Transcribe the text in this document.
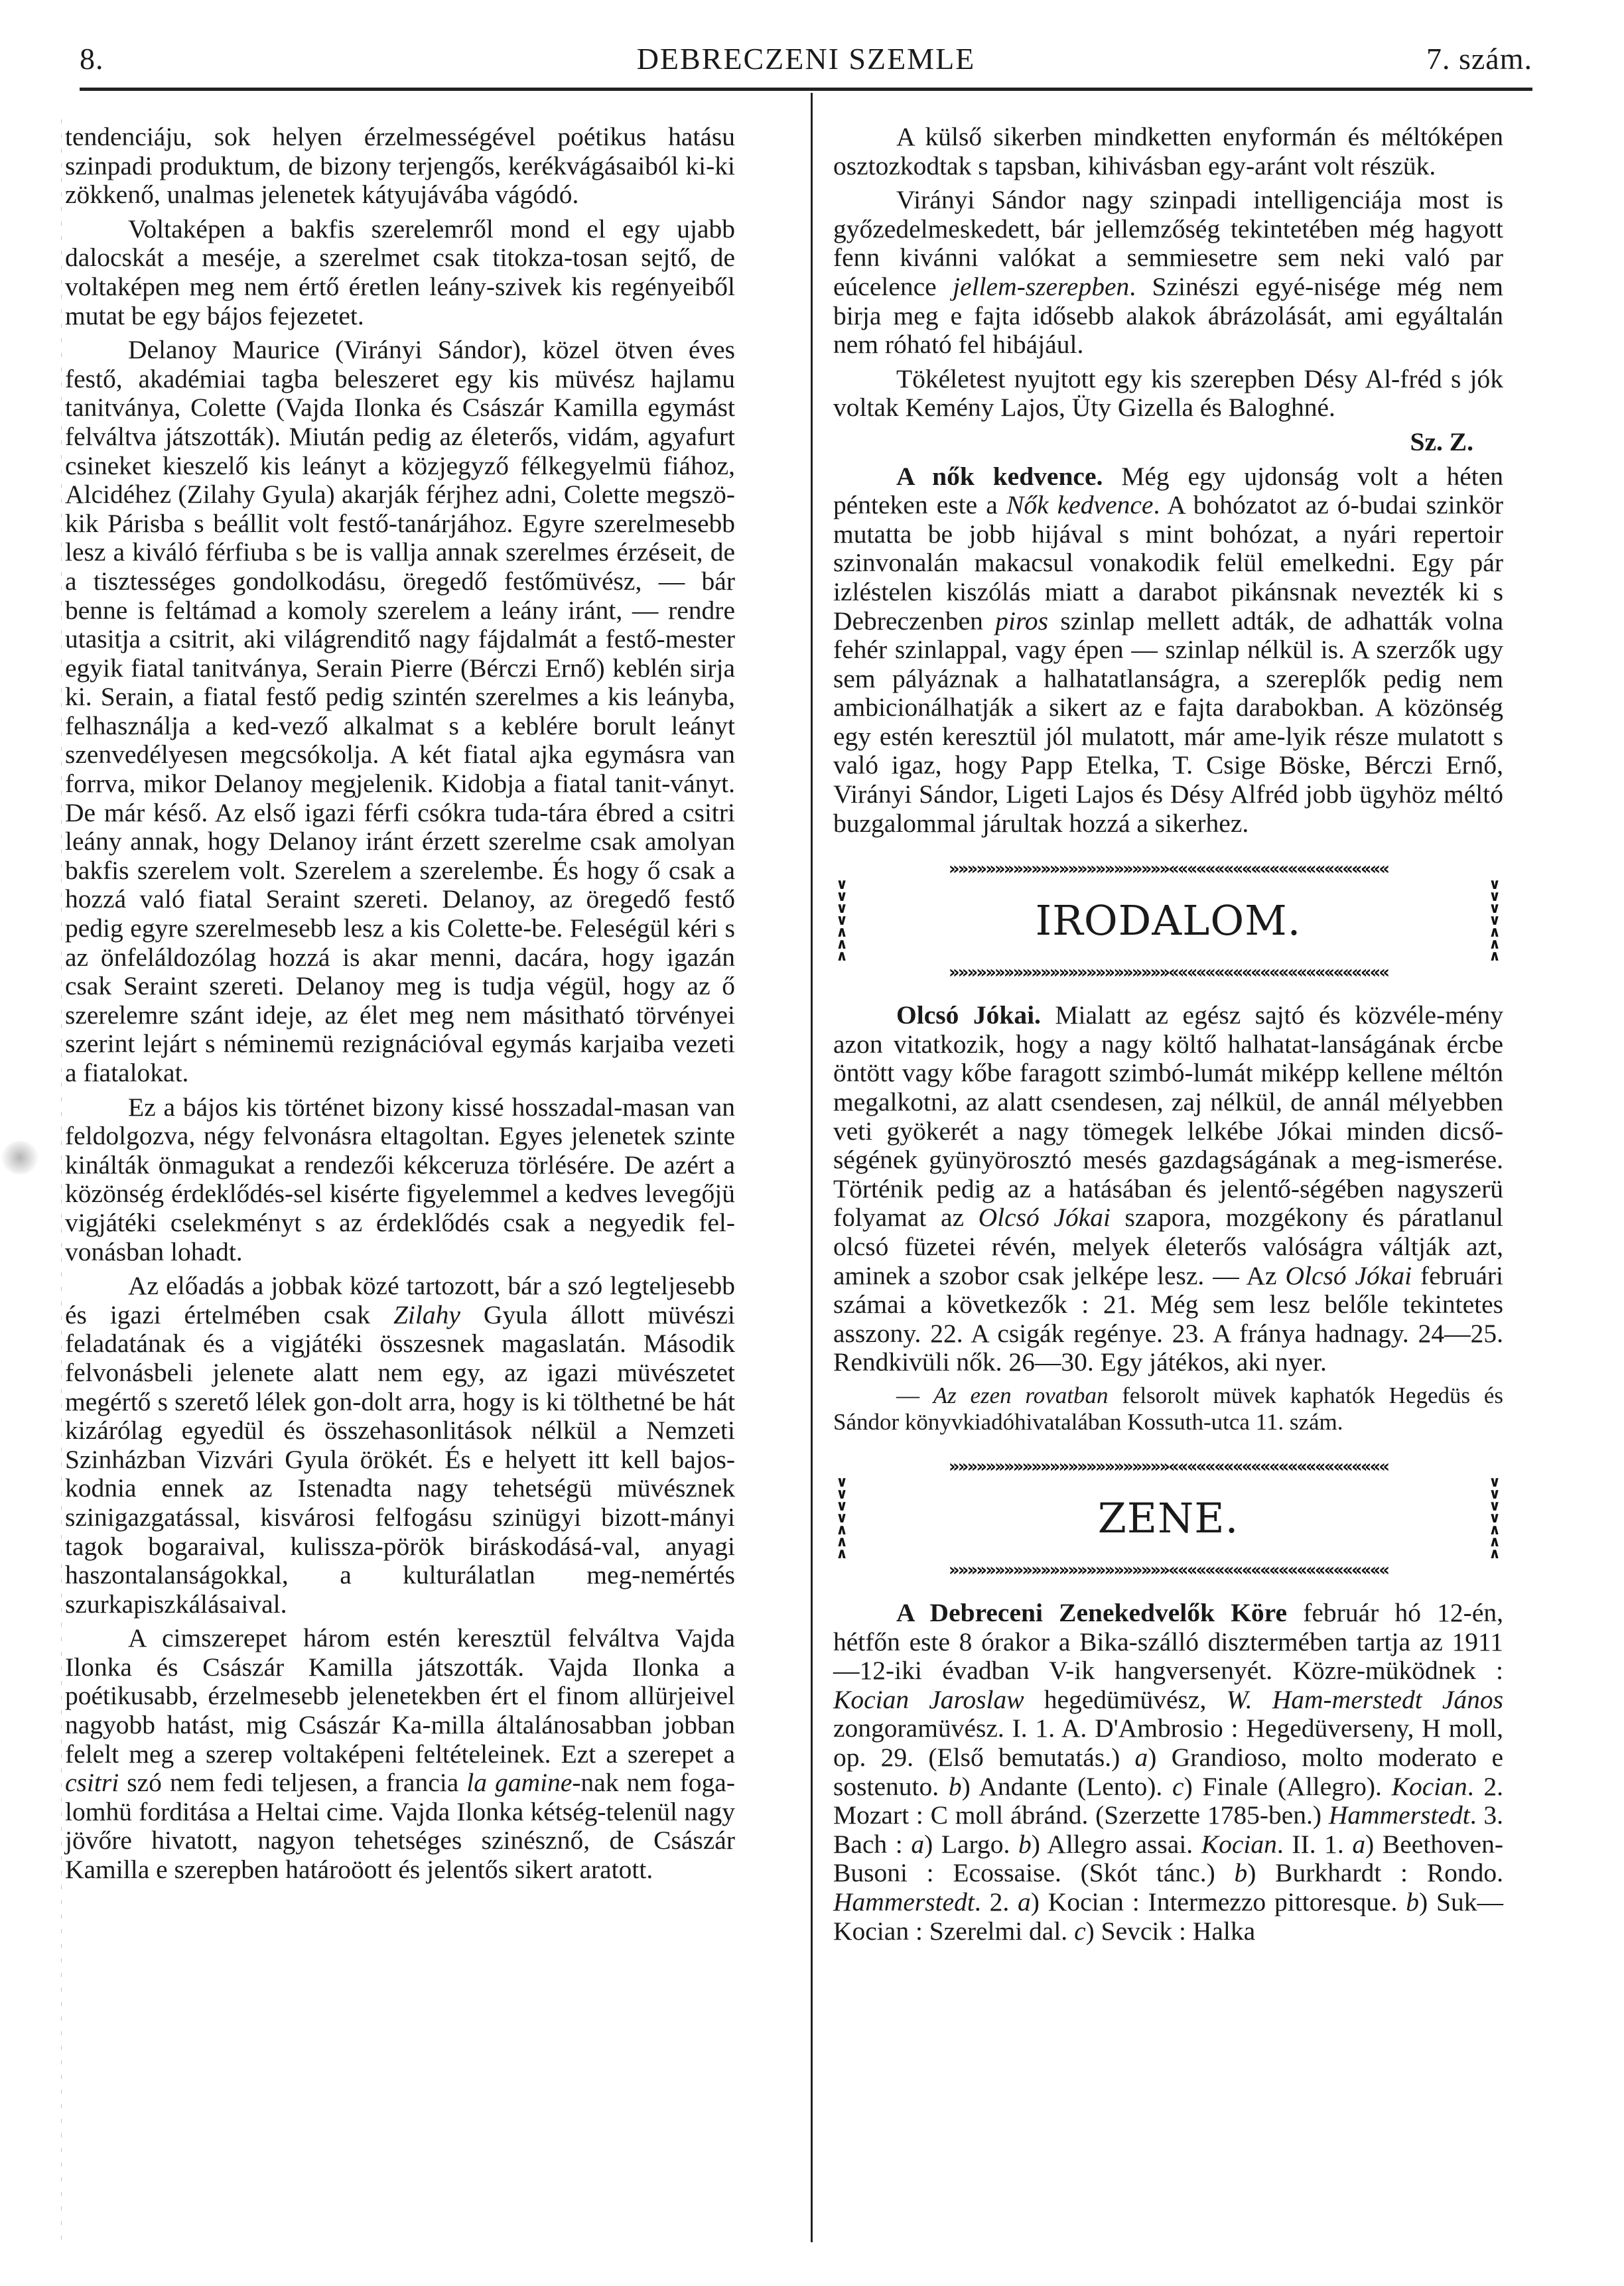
8.	DEBRECZENI SZEMLE	7. szám.

tendenciáju, sok helyen érzelmességével poétikus hatásu szinpadi produktum, de bizony terjengős, kerékvágásaiból ki-ki zökkenő, unalmas jelenetek kátyujávába vágódó.

Voltaképen a bakfis szerelemről mond el egy ujabb dalocskát a meséje, a szerelmet csak titokza-tosan sejtő, de voltaképen meg nem értő éretlen leány-szivek kis regényeiből mutat be egy bájos fejezetet.

Delanoy Maurice (Virányi Sándor), közel ötven éves festő, akadémiai tagba beleszeret egy kis müvész hajlamu tanitványa, Colette (Vajda Ilonka és Császár Kamilla egymást felváltva játszották). Miután pedig az életerős, vidám, agyafurt csineket kieszelő kis leányt a közjegyző félkegyelmü fiához, Alcidéhez (Zilahy Gyula) akarják férjhez adni, Colette megszö-kik Párisba s beállit volt festő-tanárjához. Egyre szerelmesebb lesz a kiváló férfiuba s be is vallja annak szerelmes érzéseit, de a tisztességes gondolkodásu, öregedő festőmüvész, — bár benne is feltámad a komoly szerelem a leány iránt, — rendre utasitja a csitrit, aki világrenditő nagy fájdalmát a festő-mester egyik fiatal tanitványa, Serain Pierre (Bérczi Ernő) keblén sirja ki. Serain, a fiatal festő pedig szintén szerelmes a kis leányba, felhasználja a ked-vező alkalmat s a keblére borult leányt szenvedélyesen megcsókolja. A két fiatal ajka egymásra van forrva, mikor Delanoy megjelenik. Kidobja a fiatal tanit-ványt. De már késő. Az első igazi férfi csókra tuda-tára ébred a csitri leány annak, hogy Delanoy iránt érzett szerelme csak amolyan bakfis szerelem volt. Szerelem a szerelembe. És hogy ő csak a hozzá való fiatal Seraint szereti. Delanoy, az öregedő festő pedig egyre szerelmesebb lesz a kis Colette-be. Feleségül kéri s az önfeláldozólag hozzá is akar menni, dacára, hogy igazán csak Seraint szereti. Delanoy meg is tudja végül, hogy az ő szerelemre szánt ideje, az élet meg nem másitható törvényei szerint lejárt s néminemü rezignációval egymás karjaiba vezeti a fiatalokat.

Ez a bájos kis történet bizony kissé hosszadal-masan van feldolgozva, négy felvonásra eltagoltan. Egyes jelenetek szinte kinálták önmagukat a rendezői kékceruza törlésére. De azért a közönség érdeklődés-sel kisérte figyelemmel a kedves levegőjü vigjátéki cselekményt s az érdeklődés csak a negyedik fel-vonásban lohadt.

Az előadás a jobbak közé tartozott, bár a szó legteljesebb és igazi értelmében csak Zilahy Gyula állott müvészi feladatának és a vigjátéki összesnek magaslatán. Második felvonásbeli jelenete alatt nem egy, az igazi müvészetet megértő s szerető lélek gon-dolt arra, hogy is ki tölthetné be hát kizárólag egyedül és összehasonlitások nélkül a Nemzeti Szinházban Vizvári Gyula örökét. És e helyett itt kell bajos-kodnia ennek az Istenadta nagy tehetségü müvésznek szinigazgatással, kisvárosi felfogásu szinügyi bizott-mányi tagok bogaraival, kulissza-pörök biráskodásá-val, anyagi haszontalanságokkal, a kulturálatlan meg-nemértés szurkapiszkálásaival.

A cimszerepet három estén keresztül felváltva Vajda Ilonka és Császár Kamilla játszották. Vajda Ilonka a poétikusabb, érzelmesebb jelenetekben ért el finom allürjeivel nagyobb hatást, mig Császár Ka-milla általánosabban jobban felelt meg a szerep voltaképeni feltételeinek. Ezt a szerepet a csitri szó nem fedi teljesen, a francia la gamine-nak nem foga-lomhü forditása a Heltai cime. Vajda Ilonka kétség-telenül nagy jövőre hivatott, nagyon tehetséges szinésznő, de Császár Kamilla e szerepben határoöott és jelentős sikert aratott.

A külső sikerben mindketten enyformán és méltóképen osztozkodtak s tapsban, kihivásban egy-aránt volt részük.

Virányi Sándor nagy szinpadi intelligenciája most is győzedelmeskedett, bár jellemzőség tekintetében még hagyott fenn kivánni valókat a semmiesetre sem neki való par eúcelence jellem-szerepben. Szinészi egyé-nisége még nem birja meg e fajta idősebb alakok ábrázolását, ami egyáltalán nem róható fel hibájául.

Tökéletest nyujtott egy kis szerepben Désy Al-fréd s jók voltak Kemény Lajos, Üty Gizella és Baloghné.

Sz. Z.

A nők kedvence. Még egy ujdonság volt a héten pénteken este a Nők kedvence. A bohózatot az ó-budai szinkör mutatta be jobb hijával s mint bohózat, a nyári repertoir szinvonalán makacsul vonakodik felül emelkedni. Egy pár izléstelen kiszólás miatt a darabot pikánsnak nevezték ki s Debreczenben piros szinlap mellett adták, de adhatták volna fehér szinlappal, vagy épen — szinlap nélkül is. A szerzők ugy sem pályáznak a halhatatlanságra, a szereplők pedig nem ambicionálhatják a sikert az e fajta darabokban. A közönség egy estén keresztül jól mulatott, már ame-lyik része mulatott s való igaz, hogy Papp Etelka, T. Csige Böske, Bérczi Ernő, Virányi Sándor, Ligeti Lajos és Désy Alfréd jobb ügyhöz méltó buzgalommal járultak hozzá a sikerhez.

»»»»»»»»»»»»»»»»»»»»»»»»««««««««««««««««««««««««
∨
∨
∨
∨
∧
∧
∧
∨
∨
∨
∨
∧
∧
∧
IRODALOM.
»»»»»»»»»»»»»»»»»»»»»»»»««««««««««««««««««««««««

Olcsó Jókai. Mialatt az egész sajtó és közvéle-mény azon vitatkozik, hogy a nagy költő halhatat-lanságának ércbe öntött vagy kőbe faragott szimbó-lumát miképp kellene méltón megalkotni, az alatt csendesen, zaj nélkül, de annál mélyebben veti gyökerét a nagy tömegek lelkébe Jókai minden dicső-ségének gyünyörosztó mesés gazdagságának a meg-ismerése. Történik pedig az a hatásában és jelentő-ségében nagyszerü folyamat az Olcsó Jókai szapora, mozgékony és páratlanul olcsó füzetei révén, melyek életerős valóságra váltják azt, aminek a szobor csak jelképe lesz. — Az Olcsó Jókai februári számai a következők : 21. Még sem lesz belőle tekintetes asszony. 22. A csigák regénye. 23. A fránya hadnagy. 24—25. Rendkivüli nők. 26—30. Egy játékos, aki nyer.

— Az ezen rovatban felsorolt müvek kaphatók Hegedüs és Sándor könyvkiadóhivatalában Kossuth-utca 11. szám.

»»»»»»»»»»»»»»»»»»»»»»»»««««««««««««««««««««««««
∨
∨
∨
∨
∧
∧
∧
∨
∨
∨
∨
∧
∧
∧
ZENE.
»»»»»»»»»»»»»»»»»»»»»»»»««««««««««««««««««««««««

A Debreceni Zenekedvelők Köre február hó 12-én, hétfőn este 8 órakor a Bika-szálló disztermében tartja az 1911—12-iki évadban V-ik hangversenyét. Közre-müködnek : Kocian Jaroslaw hegedümüvész, W. Ham-merstedt János zongoramüvész. I. 1. A. D'Ambrosio : Hegedüverseny, H moll, op. 29. (Első bemutatás.) a) Grandioso, molto moderato e sostenuto. b) Andante (Lento). c) Finale (Allegro). Kocian. 2. Mozart : C moll ábránd. (Szerzette 1785-ben.) Hammerstedt. 3. Bach : a) Largo. b) Allegro assai. Kocian. II. 1. a) Beethoven-Busoni : Ecossaise. (Skót tánc.) b) Burkhardt : Rondo. Hammerstedt. 2. a) Kocian : Intermezzo pittoresque. b) Suk—Kocian : Szerelmi dal. c) Sevcik : Halka
